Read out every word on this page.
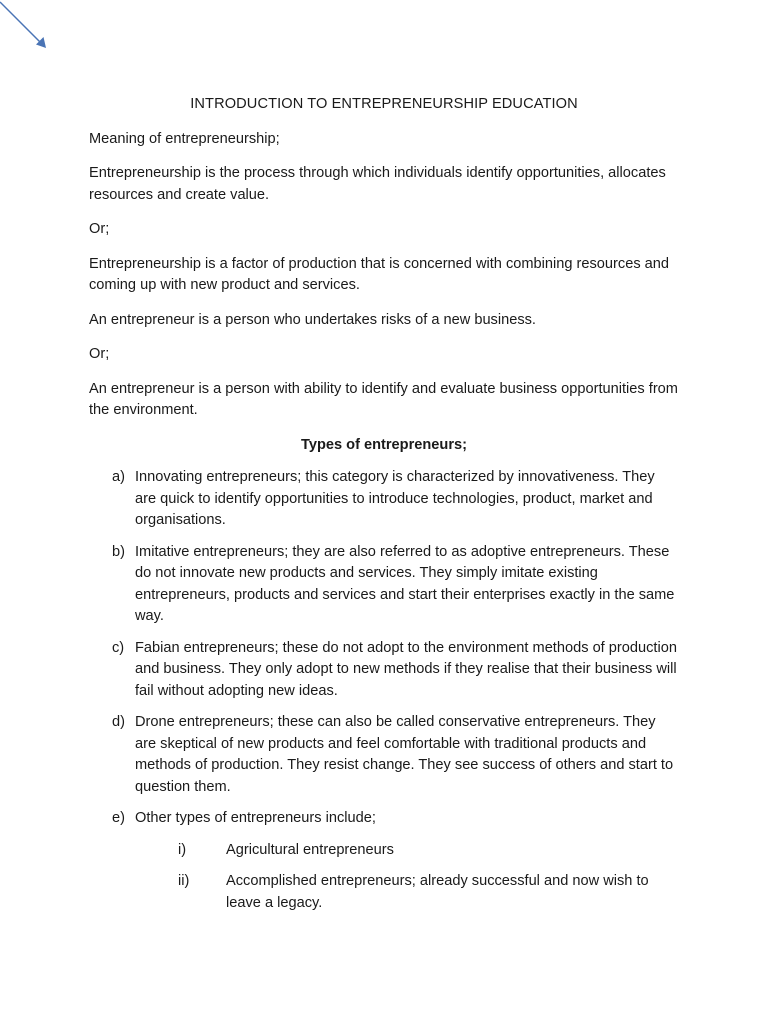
INTRODUCTION TO ENTREPRENEURSHIP EDUCATION

Meaning of entrepreneurship;

Entrepreneurship is the process through which individuals identify opportunities, allocates resources and create value.

Or;

Entrepreneurship is a factor of production that is concerned with combining resources and coming up with new product and services.

An entrepreneur is a person who undertakes risks of a new business.

Or;

An entrepreneur is a person with ability to identify and evaluate business opportunities from the environment.

Types of entrepreneurs;
a) Innovating entrepreneurs; this category is characterized by innovativeness. They are quick to identify opportunities to introduce technologies, product, market and organisations.
b) Imitative entrepreneurs; they are also referred to as adoptive entrepreneurs. These do not innovate new products and services. They simply imitate existing entrepreneurs, products and services and start their enterprises exactly in the same way.
c) Fabian entrepreneurs; these do not adopt to the environment methods of production and business. They only adopt to new methods if they realise that their business will fail without adopting new ideas.
d) Drone entrepreneurs; these can also be called conservative entrepreneurs. They are skeptical of new products and feel comfortable with traditional products and methods of production. They resist change. They see success of others and start to question them.
e) Other types of entrepreneurs include;
i)	Agricultural entrepreneurs
ii)	Accomplished entrepreneurs; already successful and now wish to leave a legacy.
